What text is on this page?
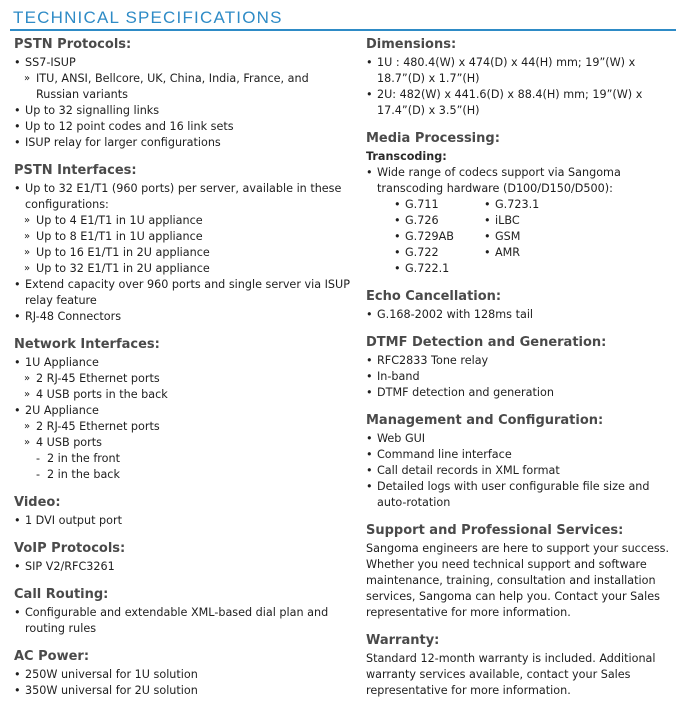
TECHNICAL SPECIFICATIONS
PSTN Protocols:
• SS7-ISUP
» ITU, ANSI, Bellcore, UK, China, India, France, and Russian variants
• Up to 32 signalling links
• Up to 12 point codes and 16 link sets
• ISUP relay for larger configurations
PSTN Interfaces:
• Up to 32 E1/T1 (960 ports) per server, available in these configurations:
» Up to 4 E1/T1 in 1U appliance
» Up to 8 E1/T1 in 1U appliance
» Up to 16 E1/T1 in 2U appliance
» Up to 32 E1/T1 in 2U appliance
• Extend capacity over 960 ports and single server via ISUP relay feature
• RJ-48 Connectors
Network Interfaces:
• 1U Appliance
» 2 RJ-45 Ethernet ports
» 4 USB ports in the back
• 2U Appliance
» 2 RJ-45 Ethernet ports
» 4 USB ports
- 2 in the front
- 2 in the back
Video:
• 1 DVI output port
VoIP Protocols:
• SIP V2/RFC3261
Call Routing:
• Configurable and extendable XML-based dial plan and routing rules
AC Power:
• 250W universal for 1U solution
• 350W universal for 2U solution
Dimensions:
• 1U : 480.4(W) x 474(D) x 44(H) mm; 19”(W) x 18.7”(D) x 1.7”(H)
• 2U: 482(W) x 441.6(D) x 88.4(H) mm; 19”(W) x 17.4”(D) x 3.5”(H)
Media Processing:
Transcoding:
• Wide range of codecs support via Sangoma transcoding hardware (D100/D150/D500):
• G.711	• G.723.1
• G.726	• iLBC
• G.729AB	• GSM
• G.722	• AMR
• G.722.1
Echo Cancellation:
• G.168-2002 with 128ms tail
DTMF Detection and Generation:
• RFC2833 Tone relay
• In-band
• DTMF detection and generation
Management and Configuration:
• Web GUI
• Command line interface
• Call detail records in XML format
• Detailed logs with user configurable file size and auto-rotation
Support and Professional Services:

Sangoma engineers are here to support your success. Whether you need technical support and software maintenance, training, consultation and installation services, Sangoma can help you. Contact your Sales representative for more information.

Warranty:

Standard 12-month warranty is included. Additional warranty services available, contact your Sales representative for more information.
